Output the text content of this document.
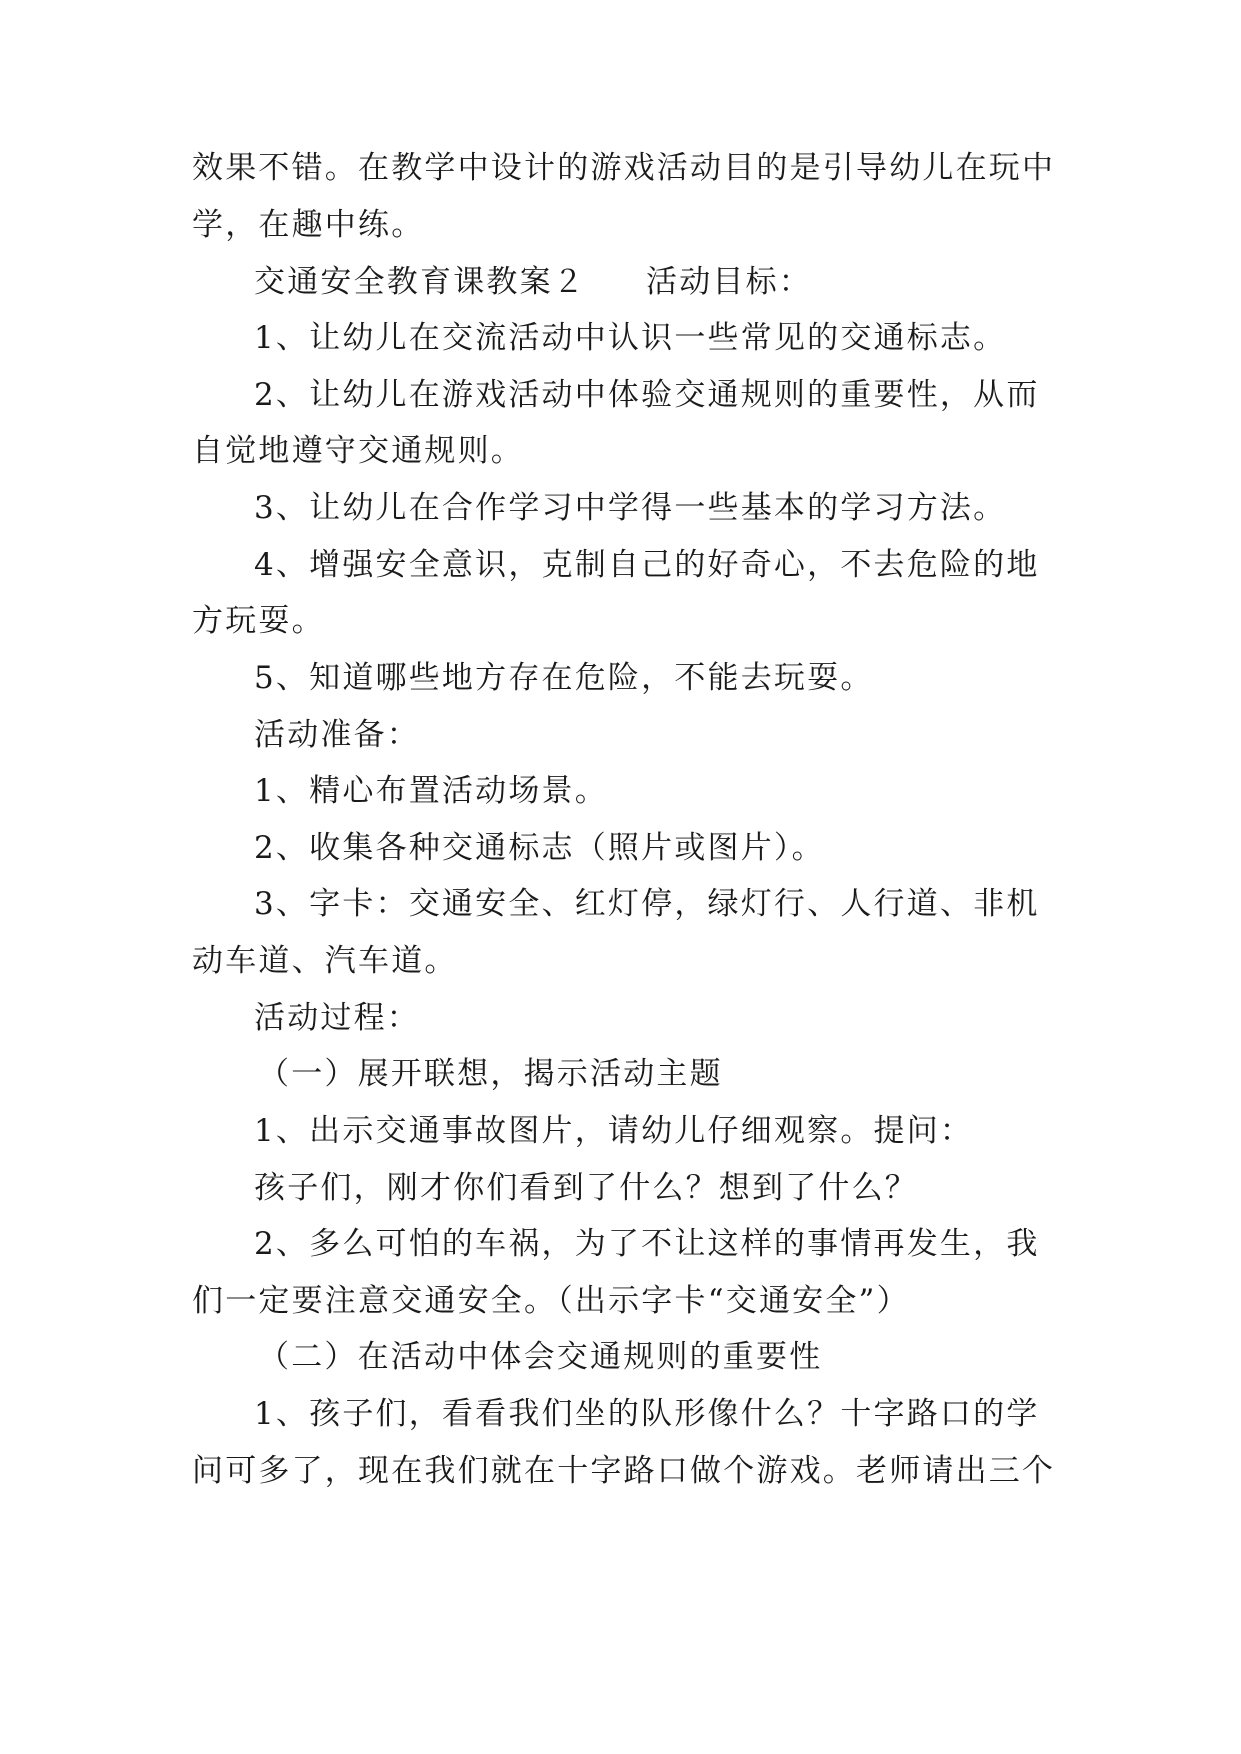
效果不错。在教学中设计的游戏活动目的是引导幼儿在玩中
学，在趣中练。
交通安全教育课教案２ 活动目标：
1、让幼儿在交流活动中认识一些常见的交通标志。
2、让幼儿在游戏活动中体验交通规则的重要性，从而
自觉地遵守交通规则。
3、让幼儿在合作学习中学得一些基本的学习方法。
4、增强安全意识，克制自己的好奇心，不去危险的地
方玩耍。
5、知道哪些地方存在危险，不能去玩耍。
活动准备：
1、精心布置活动场景。
2、收集各种交通标志（照片或图片）。
3、字卡：交通安全、红灯停，绿灯行、人行道、非机
动车道、汽车道。
活动过程：
（一）展开联想，揭示活动主题
1、出示交通事故图片，请幼儿仔细观察。提问：
孩子们，刚才你们看到了什么？想到了什么？
2、多么可怕的车祸，为了不让这样的事情再发生，我
们一定要注意交通安全。（出示字卡“交通安全”）
（二）在活动中体会交通规则的重要性
1、孩子们，看看我们坐的队形像什么？十字路口的学
问可多了，现在我们就在十字路口做个游戏。老师请出三个
